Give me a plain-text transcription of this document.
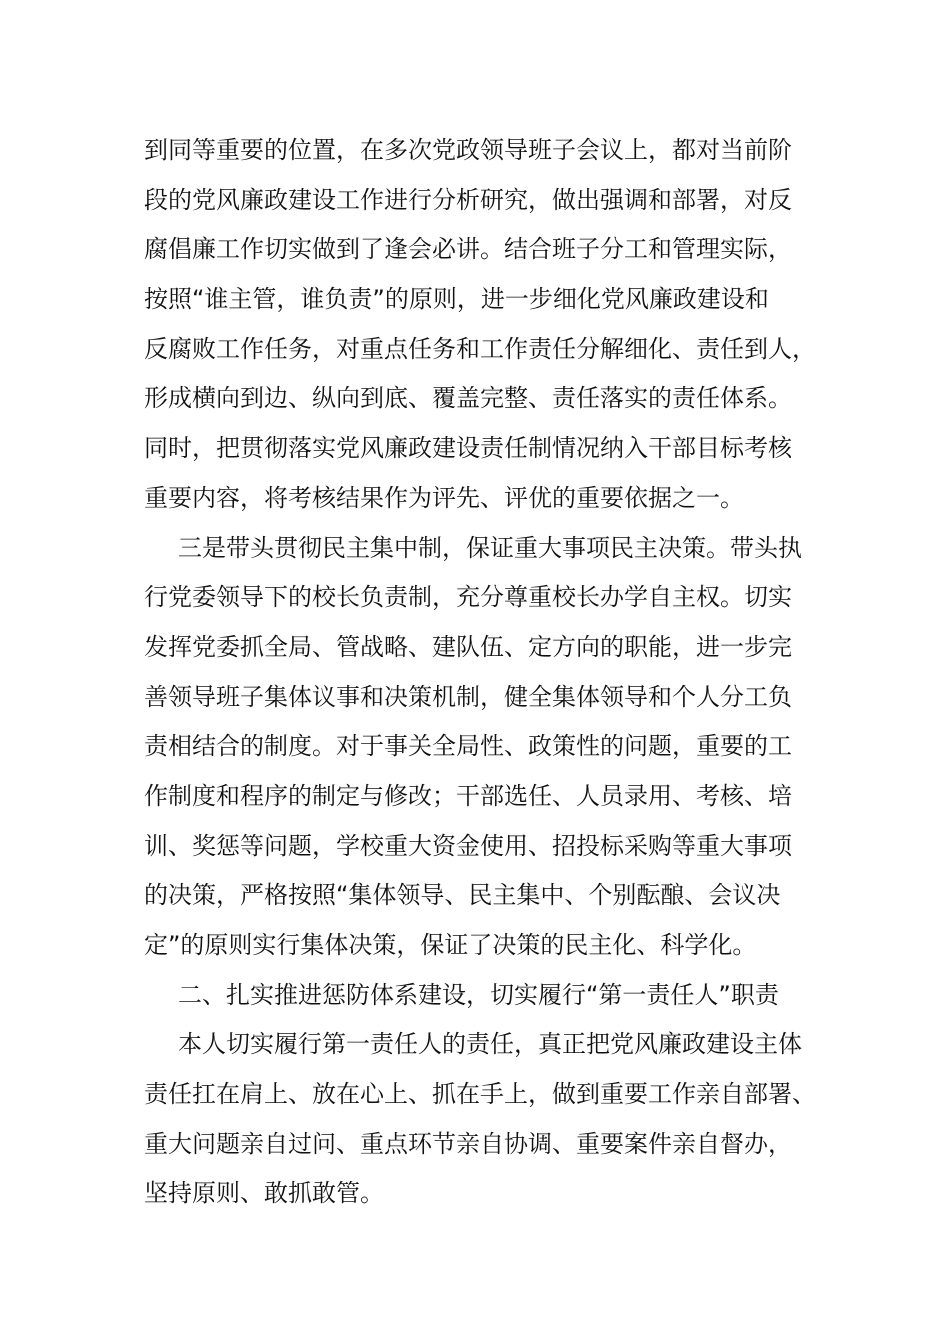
到同等重要的位置，在多次党政领导班子会议上，都对当前阶
段的党风廉政建设工作进行分析研究，做出强调和部署，对反
腐倡廉工作切实做到了逢会必讲。结合班子分工和管理实际，
按照“谁主管，谁负责”的原则，进一步细化党风廉政建设和
反腐败工作任务，对重点任务和工作责任分解细化、责任到人，
形成横向到边、纵向到底、覆盖完整、责任落实的责任体系。
同时，把贯彻落实党风廉政建设责任制情况纳入干部目标考核
重要内容，将考核结果作为评先、评优的重要依据之一。
三是带头贯彻民主集中制，保证重大事项民主决策。带头执
行党委领导下的校长负责制，充分尊重校长办学自主权。切实
发挥党委抓全局、管战略、建队伍、定方向的职能，进一步完
善领导班子集体议事和决策机制，健全集体领导和个人分工负
责相结合的制度。对于事关全局性、政策性的问题，重要的工
作制度和程序的制定与修改；干部选任、人员录用、考核、培
训、奖惩等问题，学校重大资金使用、招投标采购等重大事项
的决策，严格按照“集体领导、民主集中、个别酝酿、会议决
定”的原则实行集体决策，保证了决策的民主化、科学化。
二、扎实推进惩防体系建设，切实履行“第一责任人”职责
本人切实履行第一责任人的责任，真正把党风廉政建设主体
责任扛在肩上、放在心上、抓在手上，做到重要工作亲自部署、
重大问题亲自过问、重点环节亲自协调、重要案件亲自督办，
坚持原则、敢抓敢管。
